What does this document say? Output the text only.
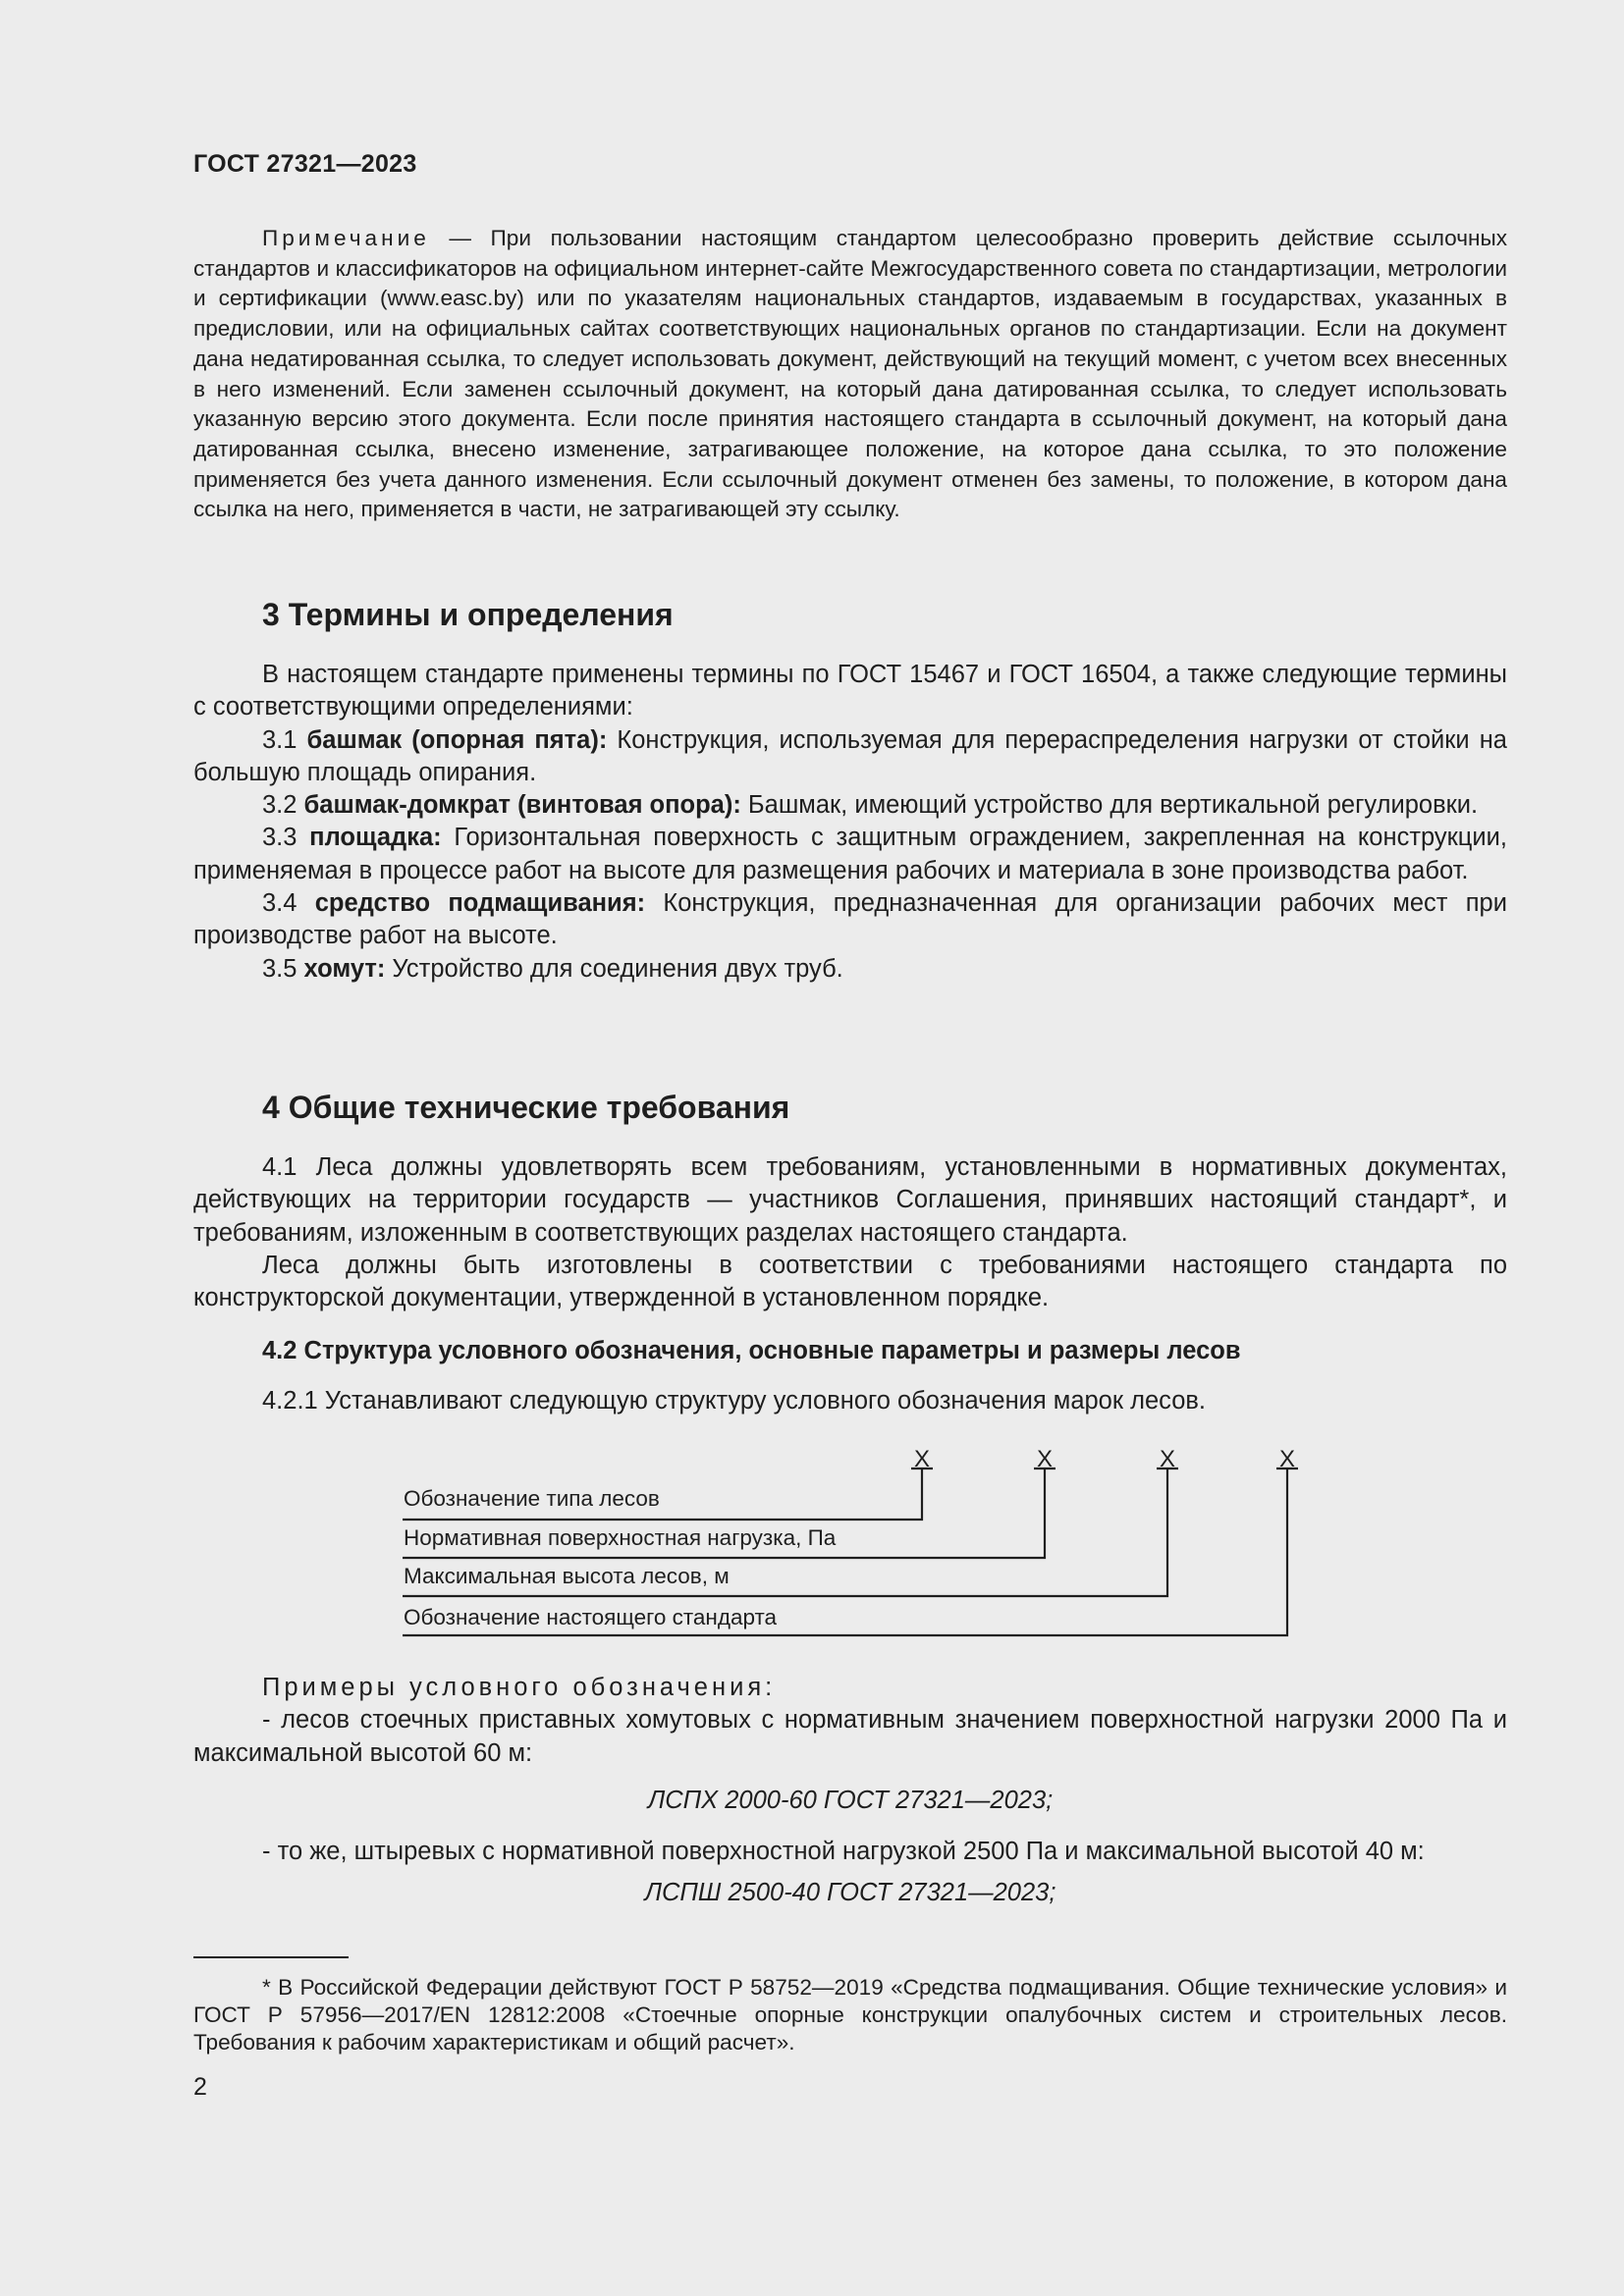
ГОСТ 27321—2023

Примечание — При пользовании настоящим стандартом целесообразно проверить действие ссылочных стандартов и классификаторов на официальном интернет-сайте Межгосударственного совета по стандартизации, метрологии и сертификации (www.easc.by) или по указателям национальных стандартов, издаваемым в государствах, указанных в предисловии, или на официальных сайтах соответствующих национальных органов по стандартизации. Если на документ дана недатированная ссылка, то следует использовать документ, действующий на текущий момент, с учетом всех внесенных в него изменений. Если заменен ссылочный документ, на который дана датированная ссылка, то следует использовать указанную версию этого документа. Если после принятия настоящего стандарта в ссылочный документ, на который дана датированная ссылка, внесено изменение, затрагивающее положение, на которое дана ссылка, то это положение применяется без учета данного изменения. Если ссылочный документ отменен без замены, то положение, в котором дана ссылка на него, применяется в части, не затрагивающей эту ссылку.

3 Термины и определения

В настоящем стандарте применены термины по ГОСТ 15467 и ГОСТ 16504, а также следующие термины с соответствующими определениями:

3.1 башмак (опорная пята): Конструкция, используемая для перераспределения нагрузки от стойки на большую площадь опирания.

3.2 башмак-домкрат (винтовая опора): Башмак, имеющий устройство для вертикальной регулировки.

3.3 площадка: Горизонтальная поверхность с защитным ограждением, закрепленная на конструкции, применяемая в процессе работ на высоте для размещения рабочих и материала в зоне производства работ.

3.4 средство подмащивания: Конструкция, предназначенная для организации рабочих мест при производстве работ на высоте.

3.5 хомут: Устройство для соединения двух труб.

4 Общие технические требования

4.1 Леса должны удовлетворять всем требованиям, установленными в нормативных документах, действующих на территории государств — участников Соглашения, принявших настоящий стандарт*, и требованиям, изложенным в соответствующих разделах настоящего стандарта.

Леса должны быть изготовлены в соответствии с требованиями настоящего стандарта по конструкторской документации, утвержденной в установленном порядке.

4.2 Структура условного обозначения, основные параметры и размеры лесов

4.2.1 Устанавливают следующую структуру условного обозначения марок лесов.

X	X	X	X
Обозначение типа лесов
Нормативная поверхностная нагрузка, Па
Максимальная высота лесов, м
Обозначение настоящего стандарта

Примеры условного обозначения:

- лесов стоечных приставных хомутовых с нормативным значением поверхностной нагрузки 2000 Па и максимальной высотой 60 м:

ЛСПХ 2000-60 ГОСТ 27321—2023;

- то же, штыревых с нормативной поверхностной нагрузкой 2500 Па и максимальной высотой 40 м:

ЛСПШ 2500-40 ГОСТ 27321—2023;

* В Российской Федерации действуют ГОСТ Р 58752—2019 «Средства подмащивания. Общие технические условия» и ГОСТ Р 57956—2017/EN 12812:2008 «Стоечные опорные конструкции опалубочных систем и строительных лесов. Требования к рабочим характеристикам и общий расчет».

2
